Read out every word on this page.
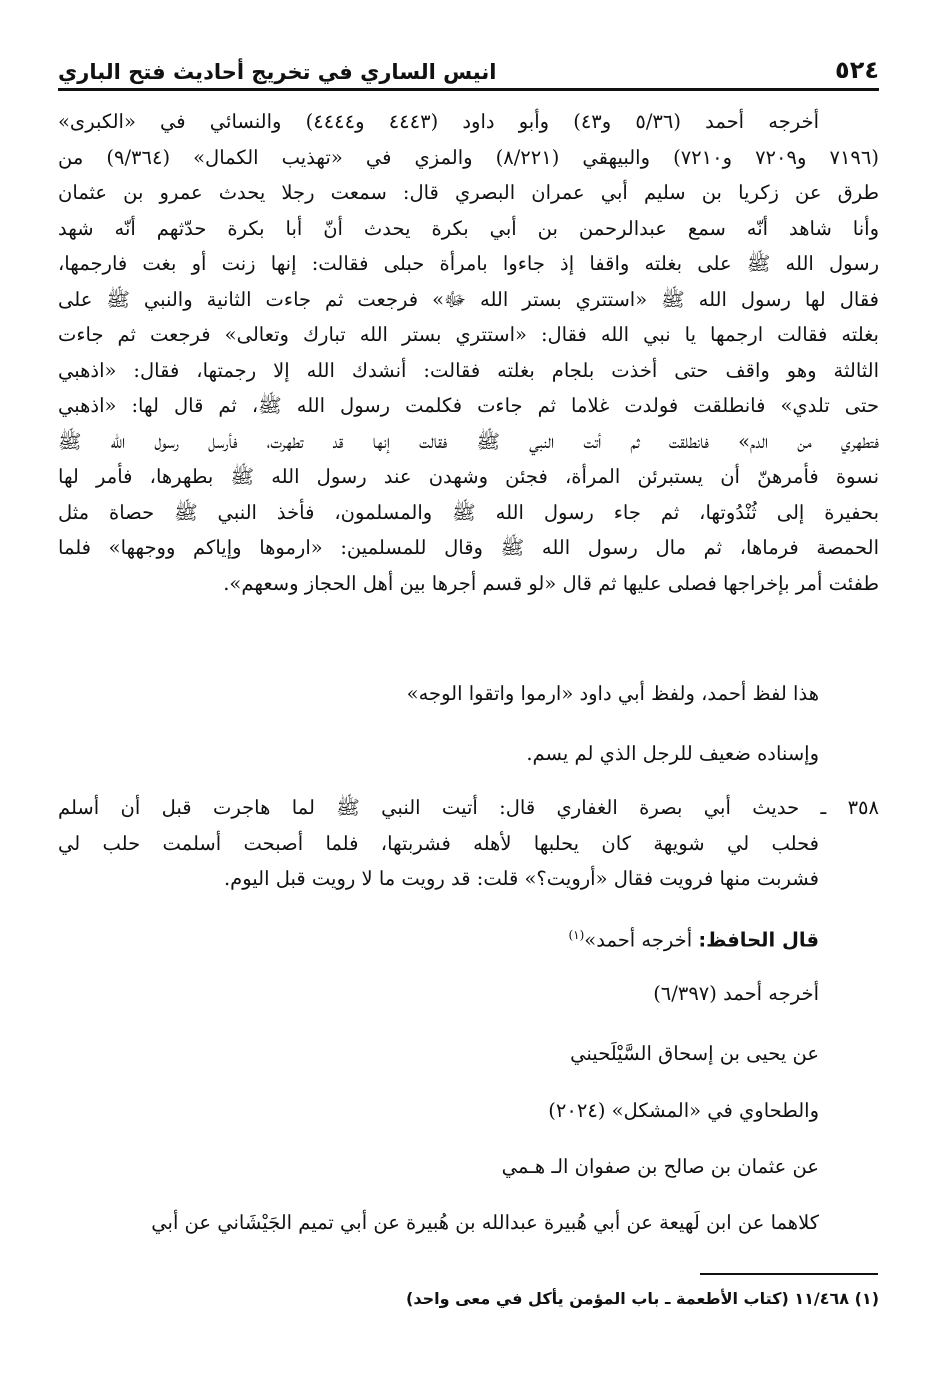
٥٢٤
انيس الساري في تخريج أحاديث فتح الباري
أخرجه أحمد (٥/٣٦ و٤٣) وأبو داود (٤٤٤٣ و٤٤٤٤) والنسائي في «الكبرى»
(٧١٩٦ و٧٢٠٩ و٧٢١٠) والبيهقي (٨/٢٢١) والمزي في «تهذيب الكمال» (٩/٣٦٤) من
طرق عن زكريا بن سليم أبي عمران البصري قال: سمعت رجلا يحدث عمرو بن عثمان
وأنا شاهد أنّه سمع عبدالرحمن بن أبي بكرة يحدث أنّ أبا بكرة حدّثهم أنّه شهد
رسول الله ﷺ على بغلته واقفا إذ جاءوا بامرأة حبلى فقالت: إنها زنت أو بغت فارجمها،
فقال لها رسول الله ﷺ «استتري بستر الله ﷻ» فرجعت ثم جاءت الثانية والنبي ﷺ على
بغلته فقالت ارجمها يا نبي الله فقال: «استتري بستر الله تبارك وتعالى» فرجعت ثم جاءت
الثالثة وهو واقف حتى أخذت بلجام بغلته فقالت: أنشدك الله إلا رجمتها، فقال: «اذهبي
حتى تلدي» فانطلقت فولدت غلاما ثم جاءت فكلمت رسول الله ﷺ، ثم قال لها: «اذهبي
فتطهري من الدم» فانطلقت ثم أتت النبي ﷺ فقالت إنها قد تطهرت، فأرسل رسول الله ﷺ
نسوة فأمرهنّ أن يستبرئن المرأة، فجئن وشهدن عند رسول الله ﷺ بطهرها، فأمر لها
بحفيرة إلى ثُنْدُوتها، ثم جاء رسول الله ﷺ والمسلمون، فأخذ النبي ﷺ حصاة مثل
الحمصة فرماها، ثم مال رسول الله ﷺ وقال للمسلمين: «ارموها وإياكم ووجهها» فلما
طفئت أمر بإخراجها فصلى عليها ثم قال «لو قسم أجرها بين أهل الحجاز وسعهم».
هذا لفظ أحمد، ولفظ أبي داود «ارموا واتقوا الوجه»
وإسناده ضعيف للرجل الذي لم يسم.
٣٥٨ ـ حديث أبي بصرة الغفاري قال: أتيت النبي ﷺ لما هاجرت قبل أن أسلم
فحلب لي شويهة كان يحلبها لأهله فشربتها، فلما أصبحت أسلمت حلب لي
فشربت منها فرويت فقال «أرويت؟» قلت: قد رويت ما لا رويت قبل اليوم.
قال الحافظ: أخرجه أحمد»$^{(١)}$
أخرجه أحمد (٦/٣٩٧)
عن يحيى بن إسحاق السَّيْلَحيني
والطحاوي في «المشكل» (٢٠٢٤)
عن عثمان بن صالح بن صفوان الـ هـمي
كلاهما عن ابن لَهيعة عن أبي هُبيرة عبدالله بن هُبيرة عن أبي تميم الجَيْشَاني عن أبي
(١) ١١/٤٦٨ (كتاب الأطعمة ـ باب المؤمن يأكل في معى واحد)
